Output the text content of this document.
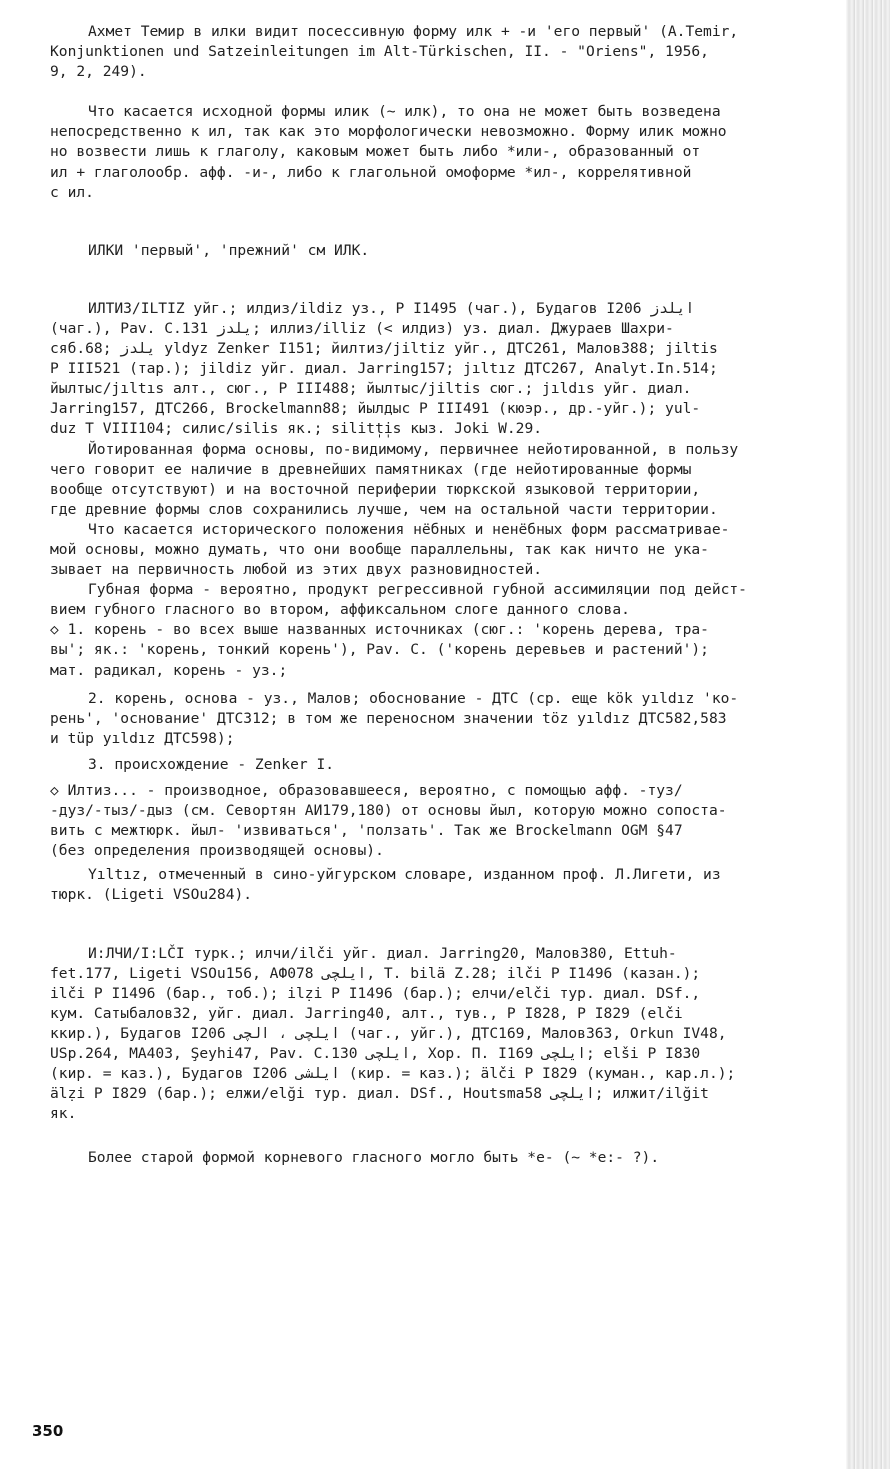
Ахмет Темир в илки видит посессивную форму илк + -и 'его первый' (А.Temir,
Konjunktionen und Satzeinleitungen im Alt-Türkischen, II. - "Oriens", 1956,
9, 2, 249).
Что касается исходной формы илик (~ илк), то она не может быть возведена
непосредственно к ил, так как это морфологически невозможно. Форму илик можно
но возвести лишь к глаголу, каковым может быть либо *или-, образованный от
ил + глаголообр. афф. -и-, либо к глагольной омоформе *ил-, коррелятивной
с ил.
ИЛКИ 'первый', 'прежний' см ИЛК.
ИЛТИЗ/ILTIZ уйг.; илдиз/ildiz уз., Р I1495 (чаг.), Будагов I206 ايلدز
(чаг.), Pav. C.131 يلدز; иллиз/illiz (< илдиз) уз. диал. Джураев Шахри-
сяб.68; يلدز yldyz Zenker I151; йилтиз/jiltiz уйг., ДТС261, Малов388; jiltis
Р III521 (тар.); jildiz уйг. диал. Jarring157; jıltız ДТС267, Analyt.In.514;
йылтыс/jıltıs алт., сюг., Р III488; йылтыс/jiltis сюг.; jıldıs уйг. диал.
Jarring157, ДТС266, Brockelmann88; йылдыс Р III491 (кюэр., др.-уйг.); yul-
duz T VIII104; силис/silis як.; silitt̩i̩s кыз. Joki W.29.
Йотированная форма основы, по-видимому, первичнее нейотированной, в пользу
чего говорит ее наличие в древнейших памятниках (где нейотированные формы
вообще отсутствуют) и на восточной периферии тюркской языковой территории,
где древние формы слов сохранились лучше, чем на остальной части территории.
Что касается исторического положения нёбных и ненёбных форм рассматривае-
мой основы, можно думать, что они вообще параллельны, так как ничто не ука-
зывает на первичность любой из этих двух разновидностей.
Губная форма - вероятно, продукт регрессивной губной ассимиляции под дейст-
вием губного гласного во втором, аффиксальном слоге данного слова.
◇ 1. корень - во всех выше названных источниках (сюг.: 'корень дерева, тра-
вы'; як.: 'корень, тонкий корень'), Pav. C. ('корень деревьев и растений');
мат. радикал, корень - уз.;
2. корень, основа - уз., Малов; обоснование - ДТС (ср. еще kök yıldız 'ко-
рень', 'основание' ДТС312; в том же переносном значении töz yıldız ДТС582,583
и tüp yıldız ДТС598);
3. происхождение - Zenker I.
◇ Илтиз... - производное, образовавшееся, вероятно, с помощью афф. -туз/
-дуз/-тыз/-дыз (см. Севортян АИ179,180) от основы йыл, которую можно сопоста-
вить с межтюрк. йыл- 'извиваться', 'ползать'. Так же Brockelmann OGM §47
(без определения производящей основы).
Yıltız, отмеченный в сино-уйгурском словаре, изданном проф. Л.Лигети, из
тюрк. (Ligeti VSOu284).
И:ЛЧИ/I:LČI турк.; илчи/ilči уйг. диал. Jarring20, Малов380, Ettuh-
fet.177, Ligeti VSOu156, АФ078 ايلچى, T. bilä Z.28; ilči Р I1496 (казан.);
ilči Р I1496 (бар., тоб.); ilẓi Р I1496 (бар.); елчи/elči тур. диал. DSf.,
кум. Сатыбалов32, уйг. диал. Jarring40, алт., тув., Р I828, Р I829 (elči
ккир.), Будагов I206 ايلچى ، الچى (чаг., уйг.), ДТС169, Малов363, Orkun IV48,
USp.264, MA403, Şeyhi47, Pav. C.130 ايلچى, Хор. П. I169 ايلچى; elši Р I830
(кир. = каз.), Будагов I206 ايلشى (кир. = каз.); älči Р I829 (куман., кар.л.);
älẓi Р I829 (бар.); елжи/elği тур. диал. DSf., Houtsma58 ايلچى; илжит/ilğit
як.
Более старой формой корневого гласного могло быть *е- (~ *е:- ?).
350
